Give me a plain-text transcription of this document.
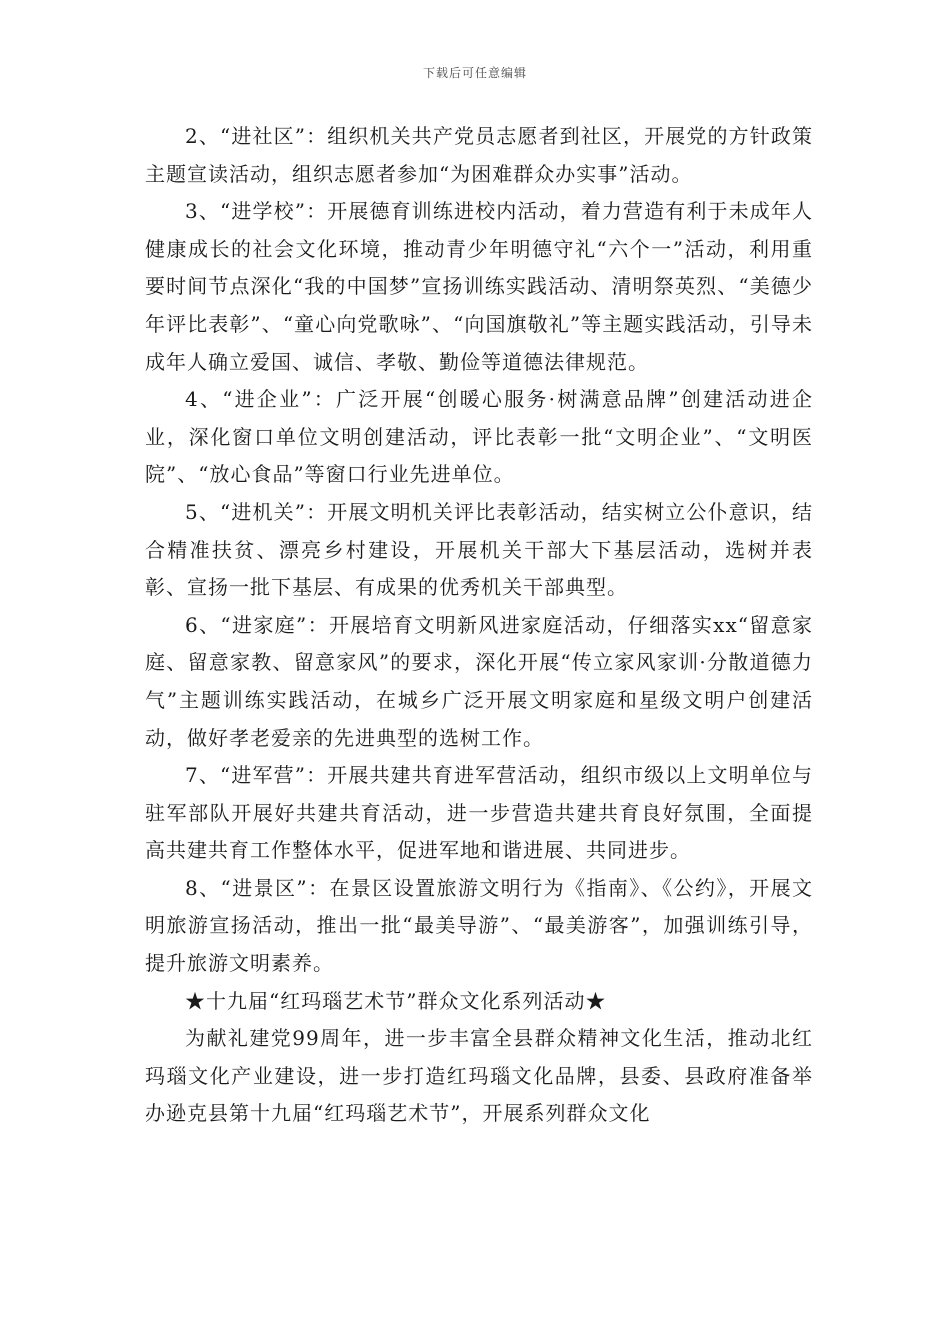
下载后可任意编辑

2、“进社区”：组织机关共产党员志愿者到社区，开展党的方针政策主题宣读活动，组织志愿者参加“为困难群众办实事”活动。

3、“进学校”：开展德育训练进校内活动，着力营造有利于未成年人健康成长的社会文化环境，推动青少年明德守礼“六个一”活动，利用重要时间节点深化“我的中国梦”宣扬训练实践活动、清明祭英烈、“美德少年评比表彰”、“童心向党歌咏”、“向国旗敬礼”等主题实践活动，引导未成年人确立爱国、诚信、孝敬、勤俭等道德法律规范。

4、“进企业”：广泛开展“创暖心服务·树满意品牌”创建活动进企业，深化窗口单位文明创建活动，评比表彰一批“文明企业”、“文明医院”、“放心食品”等窗口行业先进单位。

5、“进机关”：开展文明机关评比表彰活动，结实树立公仆意识，结合精准扶贫、漂亮乡村建设，开展机关干部大下基层活动，选树并表彰、宣扬一批下基层、有成果的优秀机关干部典型。

6、“进家庭”：开展培育文明新风进家庭活动，仔细落实xx“留意家庭、留意家教、留意家风”的要求，深化开展“传立家风家训·分散道德力气”主题训练实践活动，在城乡广泛开展文明家庭和星级文明户创建活动，做好孝老爱亲的先进典型的选树工作。

7、“进军营”：开展共建共育进军营活动，组织市级以上文明单位与驻军部队开展好共建共育活动，进一步营造共建共育良好氛围，全面提高共建共育工作整体水平，促进军地和谐进展、共同进步。

8、“进景区”：在景区设置旅游文明行为《指南》、《公约》，开展文明旅游宣扬活动，推出一批“最美导游”、“最美游客”，加强训练引导，提升旅游文明素养。

★十九届“红玛瑙艺术节”群众文化系列活动★

为献礼建党99周年，进一步丰富全县群众精神文化生活，推动北红玛瑙文化产业建设，进一步打造红玛瑙文化品牌，县委、县政府准备举办逊克县第十九届“红玛瑙艺术节”，开展系列群众文化
